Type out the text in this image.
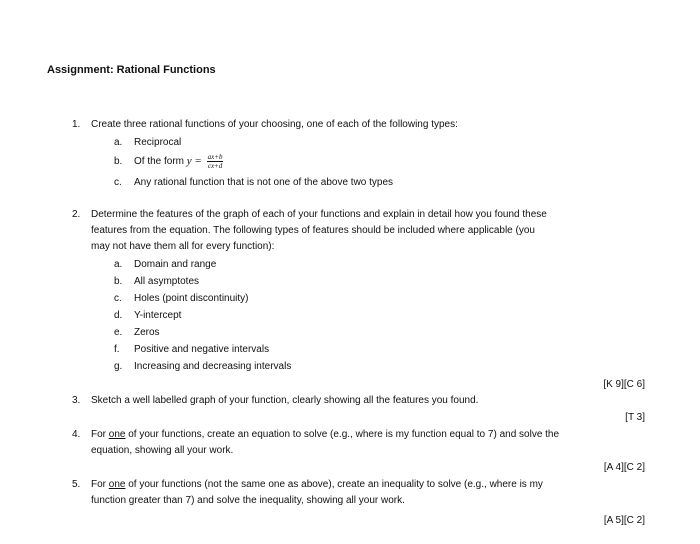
Assignment: Rational Functions
1. Create three rational functions of your choosing, one of each of the following types:
a. Reciprocal
b. Of the form $y = \frac{ax+b}{cx+d}$
c. Any rational function that is not one of the above two types
2. Determine the features of the graph of each of your functions and explain in detail how you found these
features from the equation. The following types of features should be included where applicable (you
may not have them all for every function):
a. Domain and range
b. All asymptotes
c. Holes (point discontinuity)
d. Y-intercept
e. Zeros
f. Positive and negative intervals
g. Increasing and decreasing intervals
[K 9][C 6]
3. Sketch a well labelled graph of your function, clearly showing all the features you found.
[T 3]
4. For one of your functions, create an equation to solve (e.g., where is my function equal to 7) and solve the
equation, showing all your work.
[A 4][C 2]
5. For one of your functions (not the same one as above), create an inequality to solve (e.g., where is my
function greater than 7) and solve the inequality, showing all your work.
[A 5][C 2]
